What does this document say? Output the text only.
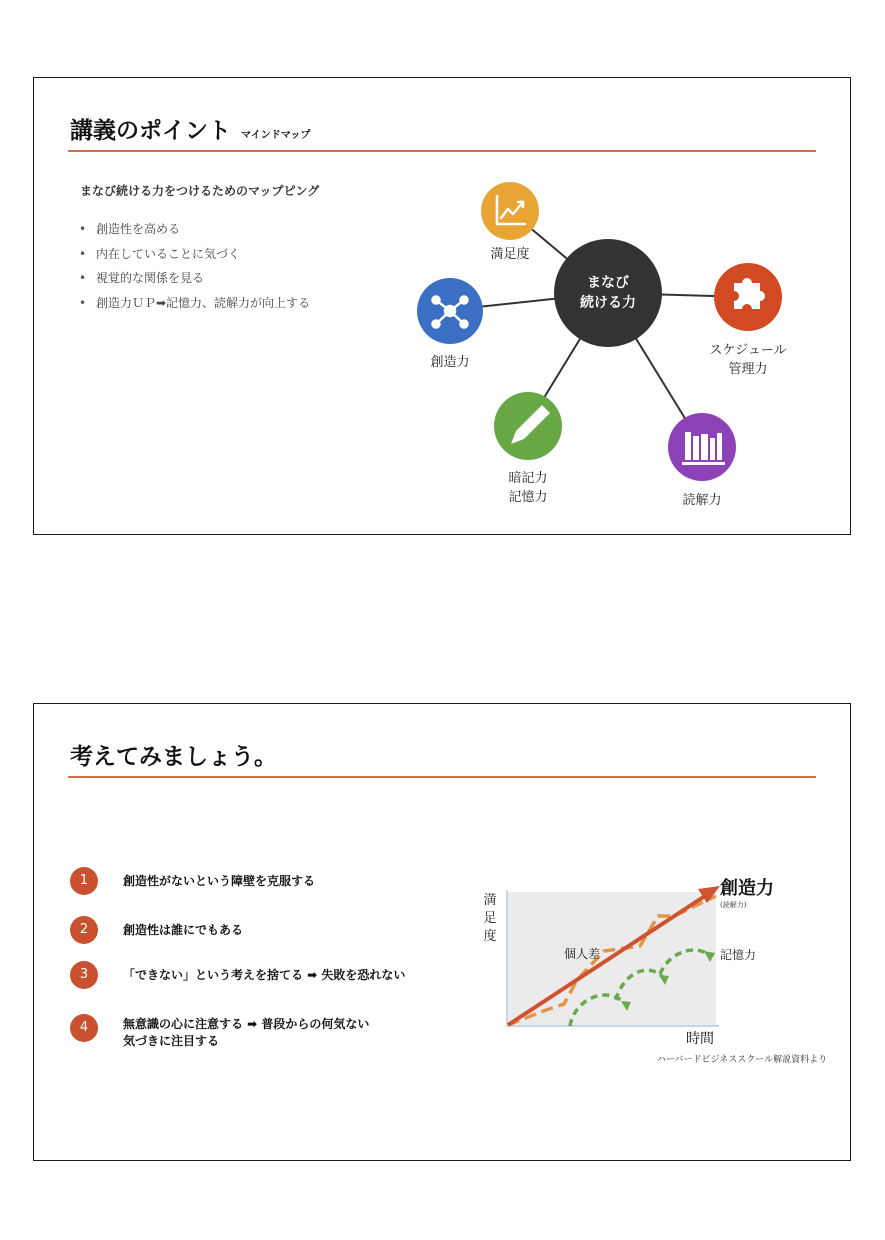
講義のポイント マインドマップ
まなび続ける力をつけるためのマップピング
• 創造性を高める
• 内在していることに気づく
• 視覚的な関係を見る
• 創造力ＵＰ➡記憶力、読解力が向上する
まなび
続ける力
満足度
創造力
暗記力
記憶力	読解力
スケジュール
管理力
考えてみましょう。
1	創造性がないという障壁を克服する
2	創造性は誰にでもある
3	「できない」という考えを捨てる ➡ 失敗を恐れない
4	無意識の心に注意する ➡ 普段からの何気ない
気づきに注目する
満
足
度
創造力
(読解力)
個人差	記憶力
時間
ハーバードビジネススクール解説資料より
